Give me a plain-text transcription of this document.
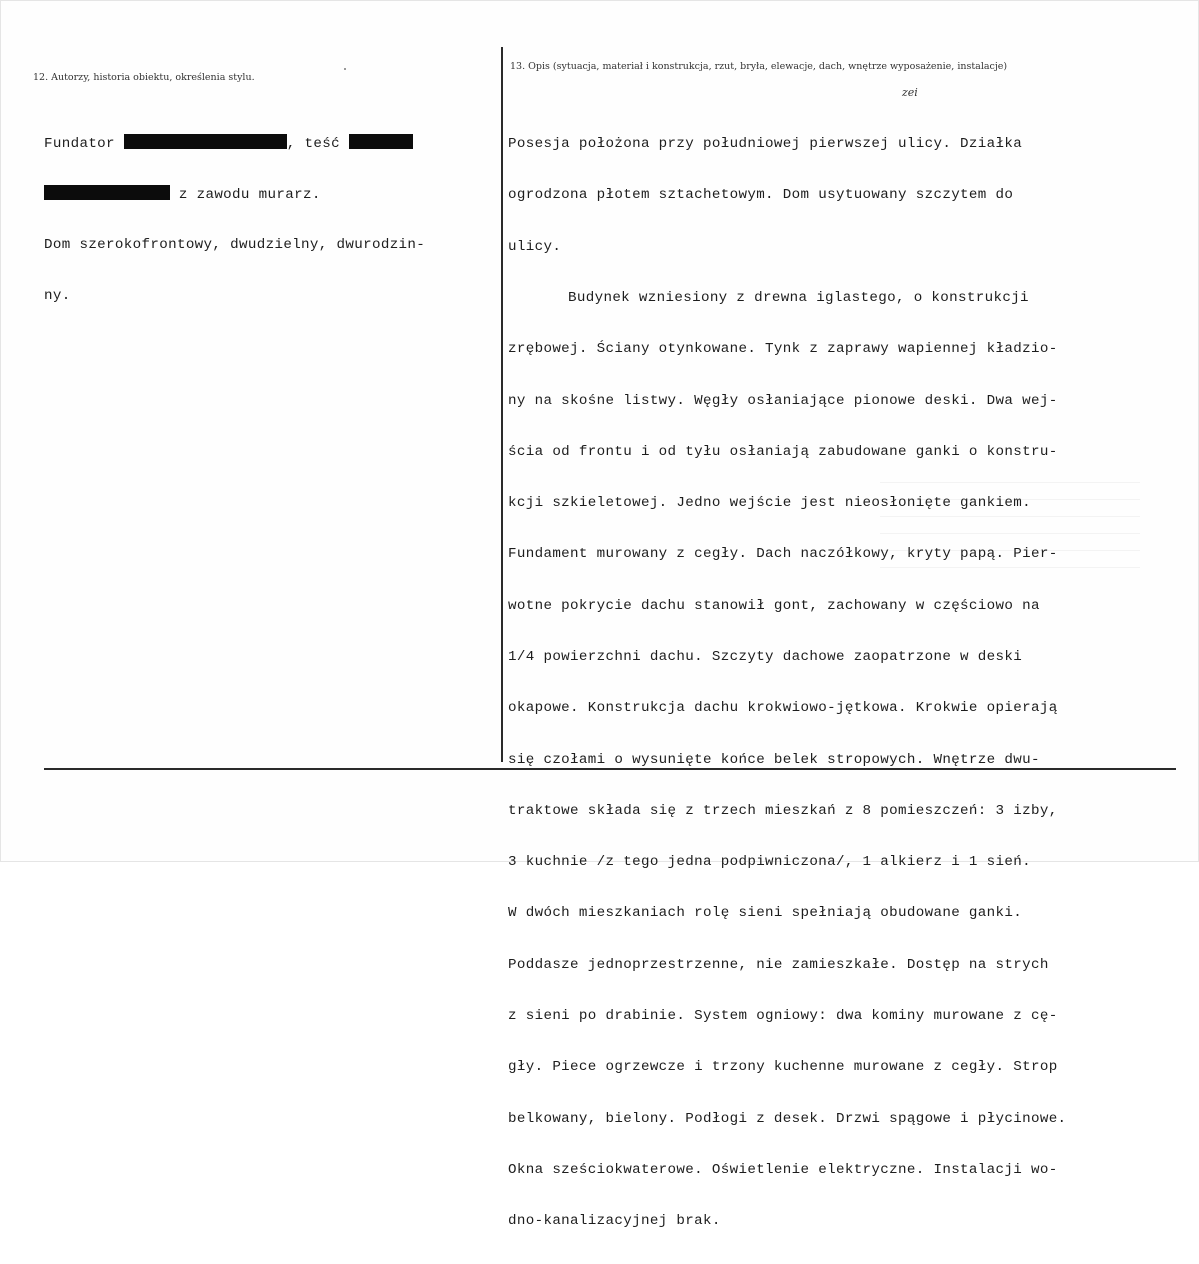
12. Autorzy, historia obiektu, określenia stylu.
13. Opis (sytuacja, materiał i konstrukcja, rzut, bryła, elewacje, dach, wnętrze wyposażenie, instalacje)
zei

Fundator	, teść

z zawodu murarz.

Dom szerokofrontowy, dwudzielny, dwurodzin-

ny.

Posesja położona przy południowej pierwszej ulicy. Działka

ogrodzona płotem sztachetowym. Dom usytuowany szczytem do

ulicy.

Budynek wzniesiony z drewna iglastego, o konstrukcji

zrębowej. Ściany otynkowane. Tynk z zaprawy wapiennej kładzio-

ny na skośne listwy. Węgły osłaniające pionowe deski. Dwa wej-

ścia od frontu i od tyłu osłaniają zabudowane ganki o konstru-

kcji szkieletowej. Jedno wejście jest nieosłonięte gankiem.

Fundament murowany z cegły. Dach naczółkowy, kryty papą. Pier-

wotne pokrycie dachu stanowił gont, zachowany w częściowo na

1/4 powierzchni dachu. Szczyty dachowe zaopatrzone w deski

okapowe. Konstrukcja dachu krokwiowo-jętkowa. Krokwie opierają

się czołami o wysunięte końce belek stropowych. Wnętrze dwu-

traktowe składa się z trzech mieszkań z 8 pomieszczeń: 3 izby,

3 kuchnie /z tego jedna podpiwniczona/, 1 alkierz i 1 sień.

W dwóch mieszkaniach rolę sieni spełniają obudowane ganki.

Poddasze jednoprzestrzenne, nie zamieszkałe. Dostęp na strych

z sieni po drabinie. System ogniowy: dwa kominy murowane z cę-

gły. Piece ogrzewcze i trzony kuchenne murowane z cegły. Strop

belkowany, bielony. Podłogi z desek. Drzwi spągowe i płycinowe.

Okna sześciokwaterowe. Oświetlenie elektryczne. Instalacji wo-

dno-kanalizacyjnej brak.
